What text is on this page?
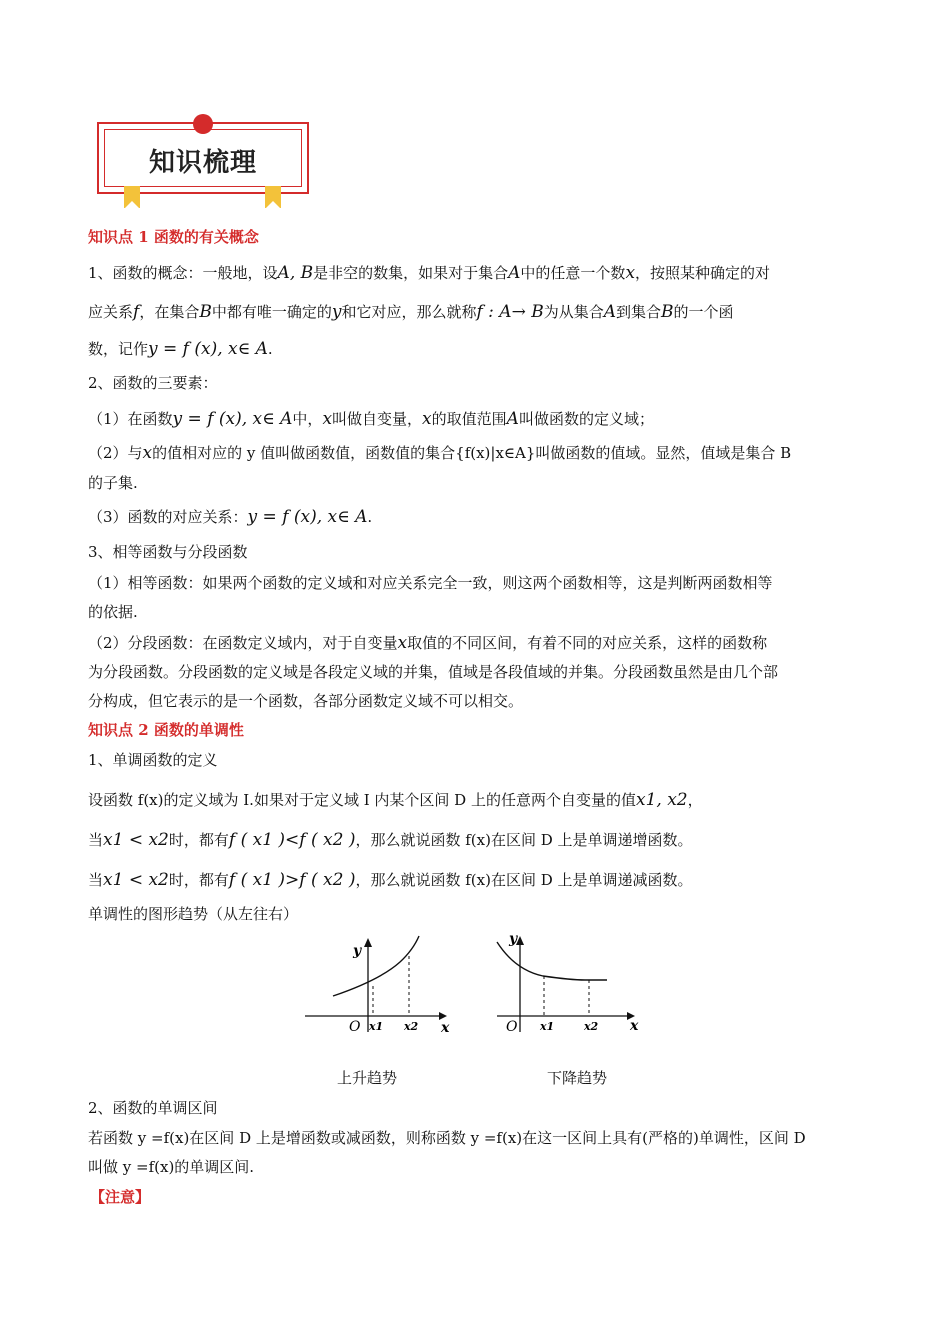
知识梳理
知识点 1 函数的有关概念
1、函数的概念：一般地，设A, B是非空的数集，如果对于集合A中的任意一个数x，按照某种确定的对
应关系f，在集合B中都有唯一确定的y和它对应，那么就称f : A→ B为从集合A到集合B的一个函
数，记作y = f (x), x∈ A.
2、函数的三要素：
（1）在函数y = f (x), x∈ A中，x叫做自变量，x的取值范围A叫做函数的定义域；
（2）与x的值相对应的 y 值叫做函数值，函数值的集合{f(x)|x∈A}叫做函数的值域。显然，值域是集合 B
的子集.
（3）函数的对应关系：y = f (x), x∈ A.
3、相等函数与分段函数
（1）相等函数：如果两个函数的定义域和对应关系完全一致，则这两个函数相等，这是判断两函数相等
的依据.
（2）分段函数：在函数定义域内，对于自变量x取值的不同区间，有着不同的对应关系，这样的函数称
为分段函数。分段函数的定义域是各段定义域的并集，值域是各段值域的并集。分段函数虽然是由几个部
分构成，但它表示的是一个函数，各部分函数定义域不可以相交。
知识点 2 函数的单调性
1、单调函数的定义
设函数 f(x)的定义域为 I.如果对于定义域 I 内某个区间 D 上的任意两个自变量的值x1, x2，
当x1 < x2时，都有f ( x1 )<f ( x2 )，那么就说函数 f(x)在区间 D 上是单调递增函数。
当x1 < x2时，都有f ( x1 )>f ( x2 )，那么就说函数 f(x)在区间 D 上是单调递减函数。
单调性的图形趋势（从左往右）
y
x
O x1 x2
上升趋势
y
x
O x1	x2
下降趋势
2、函数的单调区间
若函数 y =f(x)在区间 D 上是增函数或减函数，则称函数 y =f(x)在这一区间上具有(严格的)单调性，区间 D
叫做 y =f(x)的单调区间.
【注意】
